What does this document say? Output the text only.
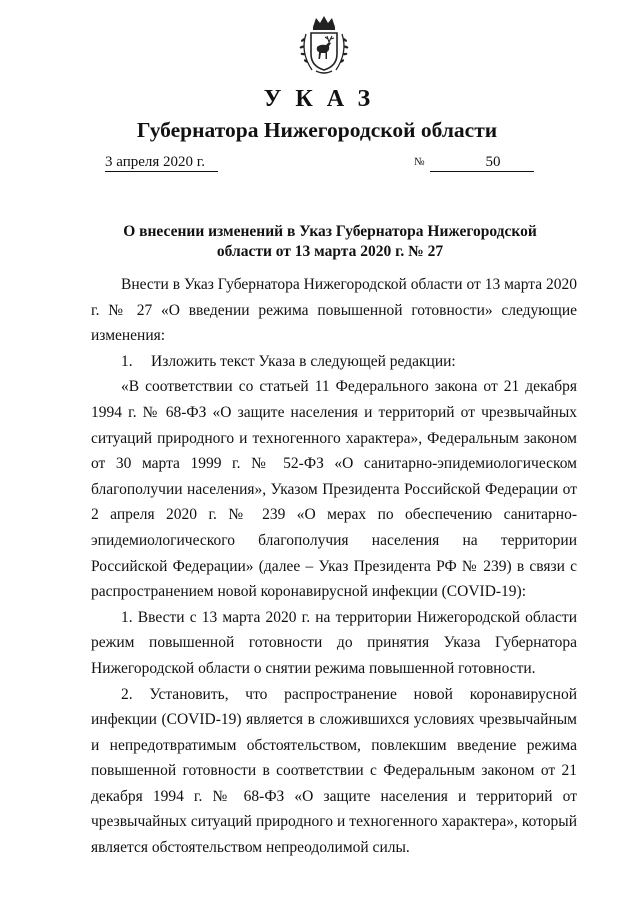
УКАЗ
Губернатора Нижегородской области
3 апреля 2020 г.	№	50
О внесении изменений в Указ Губернатора Нижегородской
области от 13 марта 2020 г. № 27

Внести в Указ Губернатора Нижегородской области от 13 марта 2020 г. № 27 «О введении режима повышенной готовности» следующие изменения:

1.	Изложить текст Указа в следующей редакции:

«В соответствии со статьей 11 Федерального закона от 21 декабря 1994 г. № 68-ФЗ «О защите населения и территорий от чрезвычайных ситуаций природного и техногенного характера», Федеральным законом от 30 марта 1999 г. № 52-ФЗ «О санитарно-эпидемиологическом благополучии населения», Указом Президента Российской Федерации от 2 апреля 2020 г. № 239 «О мерах по обеспечению санитарно-эпидемиологического благополучия населения на территории Российской Федерации» (далее – Указ Президента РФ № 239) в связи с распространением новой коронавирусной инфекции (COVID-19):

1. Ввести с 13 марта 2020 г. на территории Нижегородской области режим повышенной готовности до принятия Указа Губернатора Нижегородской области о снятии режима повышенной готовности.

2. Установить, что распространение новой коронавирусной инфекции (COVID-19) является в сложившихся условиях чрезвычайным и непредотвратимым обстоятельством, повлекшим введение режима повышенной готовности в соответствии с Федеральным законом от 21 декабря 1994 г. № 68-ФЗ «О защите населения и территорий от чрезвычайных ситуаций природного и техногенного характера», который является обстоятельством непреодолимой силы.
